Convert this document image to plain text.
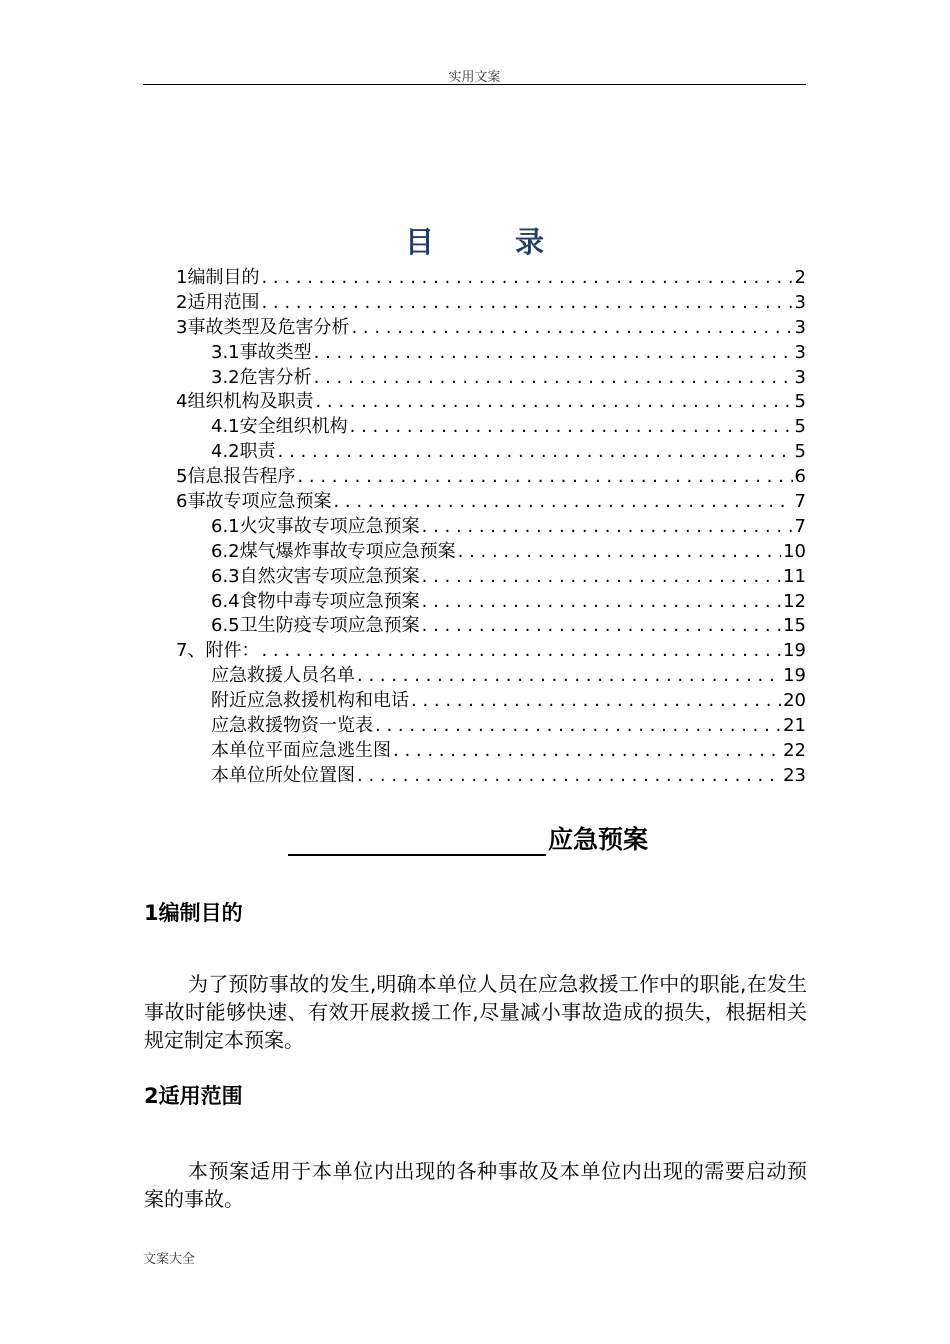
实用文案
目	录
1编制目的 . . .	2
2适用范围 . . .	3
3事故类型及危害分析 . . .	3
3.1事故类型 . . .	3
3.2危害分析 . . .	3
4组织机构及职责 . . .	5
4.1安全组织机构 . . .	5
4.2职责 . . .	5
5信息报告程序 . . .	6
6事故专项应急预案 . . .	7
6.1火灾事故专项应急预案 . . .	7
6.2煤气爆炸事故专项应急预案 . . .	10
6.3自然灾害专项应急预案 . . .	11
6.4食物中毒专项应急预案 . . .	12
6.5卫生防疫专项应急预案 . . .	15
7、附件： . . .	19
应急救援人员名单 . . .	19
附近应急救援机构和电话 . . .	20
应急救援物资一览表 . . .	21
本单位平面应急逃生图 . . .	22
本单位所处位置图 . . .	23
应急预案
1编制目的
为了预防事故的发生,明确本单位人员在应急救援工作中的职能,在发生事故时能够快速、有效开展救援工作,尽量减小事故造成的损失，根据相关规定制定本预案。
2适用范围
本预案适用于本单位内出现的各种事故及本单位内出现的需要启动预案的事故。
文案大全
